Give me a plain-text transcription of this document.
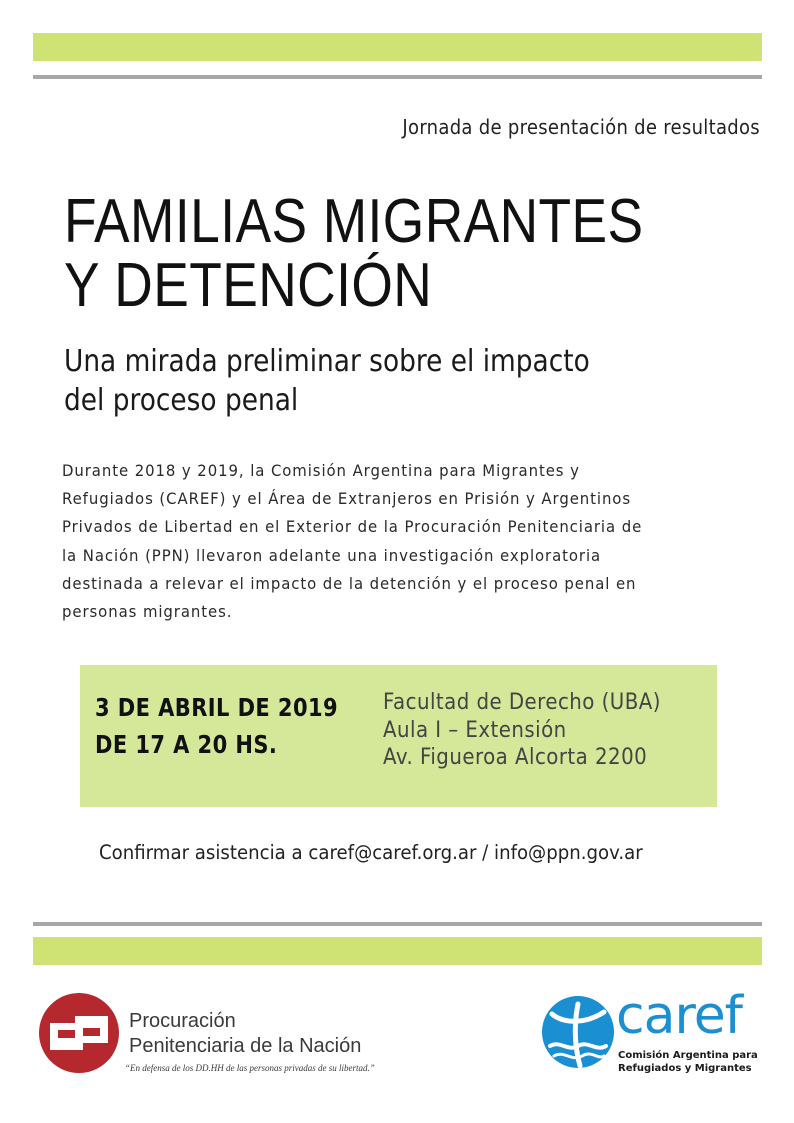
Jornada de presentación de resultados
FAMILIAS MIGRANTES
Y DETENCIÓN
Una mirada preliminar sobre el impacto
del proceso penal
Durante 2018 y 2019, la Comisión Argentina para Migrantes y
Refugiados (CAREF) y el Área de Extranjeros en Prisión y Argentinos
Privados de Libertad en el Exterior de la Procuración Penitenciaria de
la Nación (PPN) llevaron adelante una investigación exploratoria
destinada a relevar el impacto de la detención y el proceso penal en
personas migrantes.
3 DE ABRIL DE 2019
DE 17 A 20 HS.
Facultad de Derecho (UBA)
Aula I – Extensión
Av. Figueroa Alcorta 2200
Confirmar asistencia a caref@caref.org.ar / info@ppn.gov.ar
Procuración
Penitenciaria de la Nación
“En defensa de los DD.HH de las personas privadas de su libertad.”
caref
Comisión Argentina para
Refugiados y Migrantes
